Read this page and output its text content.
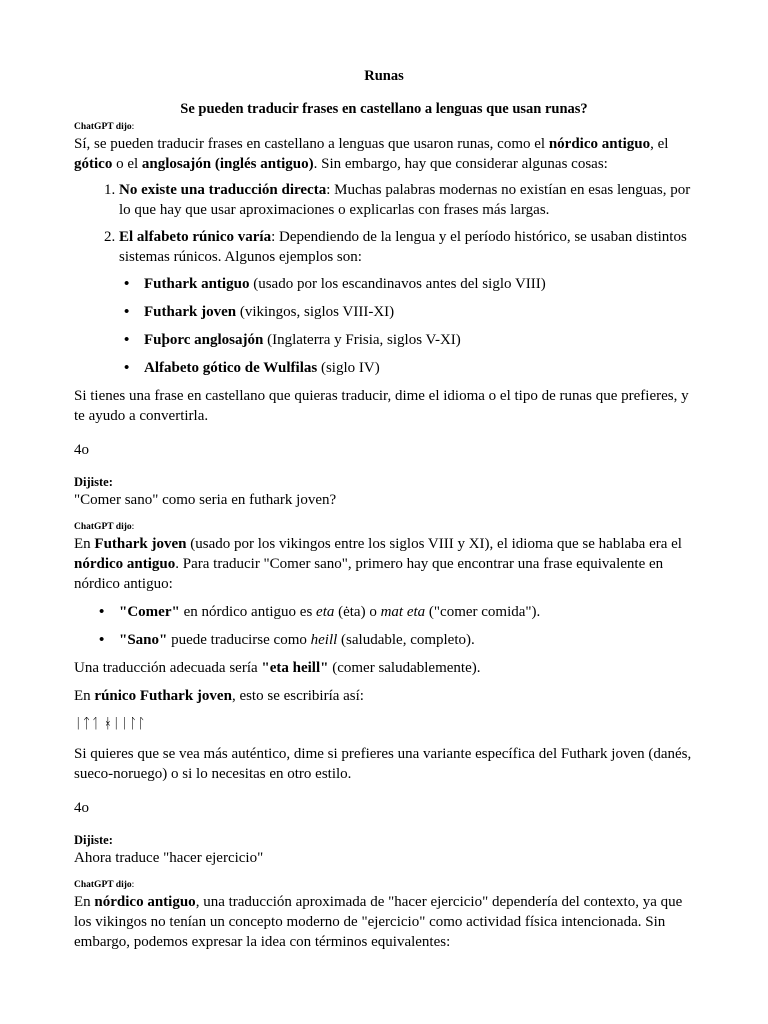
Runas
Se pueden traducir frases en castellano a lenguas que usan runas?

ChatGPT dijo:

Sí, se pueden traducir frases en castellano a lenguas que usaron runas, como el nórdico antiguo, el gótico o el anglosajón (inglés antiguo). Sin embargo, hay que considerar algunas cosas:

1. No existe una traducción directa: Muchas palabras modernas no existían en esas lenguas, por lo que hay que usar aproximaciones o explicarlas con frases más largas.
2. El alfabeto rúnico varía: Dependiendo de la lengua y el período histórico, se usaban distintos sistemas rúnicos. Algunos ejemplos son:
• Futhark antiguo (usado por los escandinavos antes del siglo VIII)
• Futhark joven (vikingos, siglos VIII-XI)
• Fuþorc anglosajón (Inglaterra y Frisia, siglos V-XI)
• Alfabeto gótico de Wulfilas (siglo IV)

Si tienes una frase en castellano que quieras traducir, dime el idioma o el tipo de runas que prefieres, y te ayudo a convertirla.

4o

Dijiste:

"Comer sano" como seria en futhark joven?

ChatGPT dijo:

En Futhark joven (usado por los vikingos entre los siglos VIII y XI), el idioma que se hablaba era el nórdico antiguo. Para traducir "Comer sano", primero hay que encontrar una frase equivalente en nórdico antiguo:

• "Comer" en nórdico antiguo es eta (ėta) o mat eta ("comer comida").
• "Sano" puede traducirse como heill (saludable, completo).

Una traducción adecuada sería "eta heill" (comer saludablemente).

En rúnico Futhark joven, esto se escribiría así:

ᛁᛏᛐ ᚼᛁᛁᛚᛚ

Si quieres que se vea más auténtico, dime si prefieres una variante específica del Futhark joven (danés, sueco-noruego) o si lo necesitas en otro estilo.

4o

Dijiste:

Ahora traduce "hacer ejercicio"

ChatGPT dijo:

En nórdico antiguo, una traducción aproximada de "hacer ejercicio" dependería del contexto, ya que los vikingos no tenían un concepto moderno de "ejercicio" como actividad física intencionada. Sin embargo, podemos expresar la idea con términos equivalentes:
